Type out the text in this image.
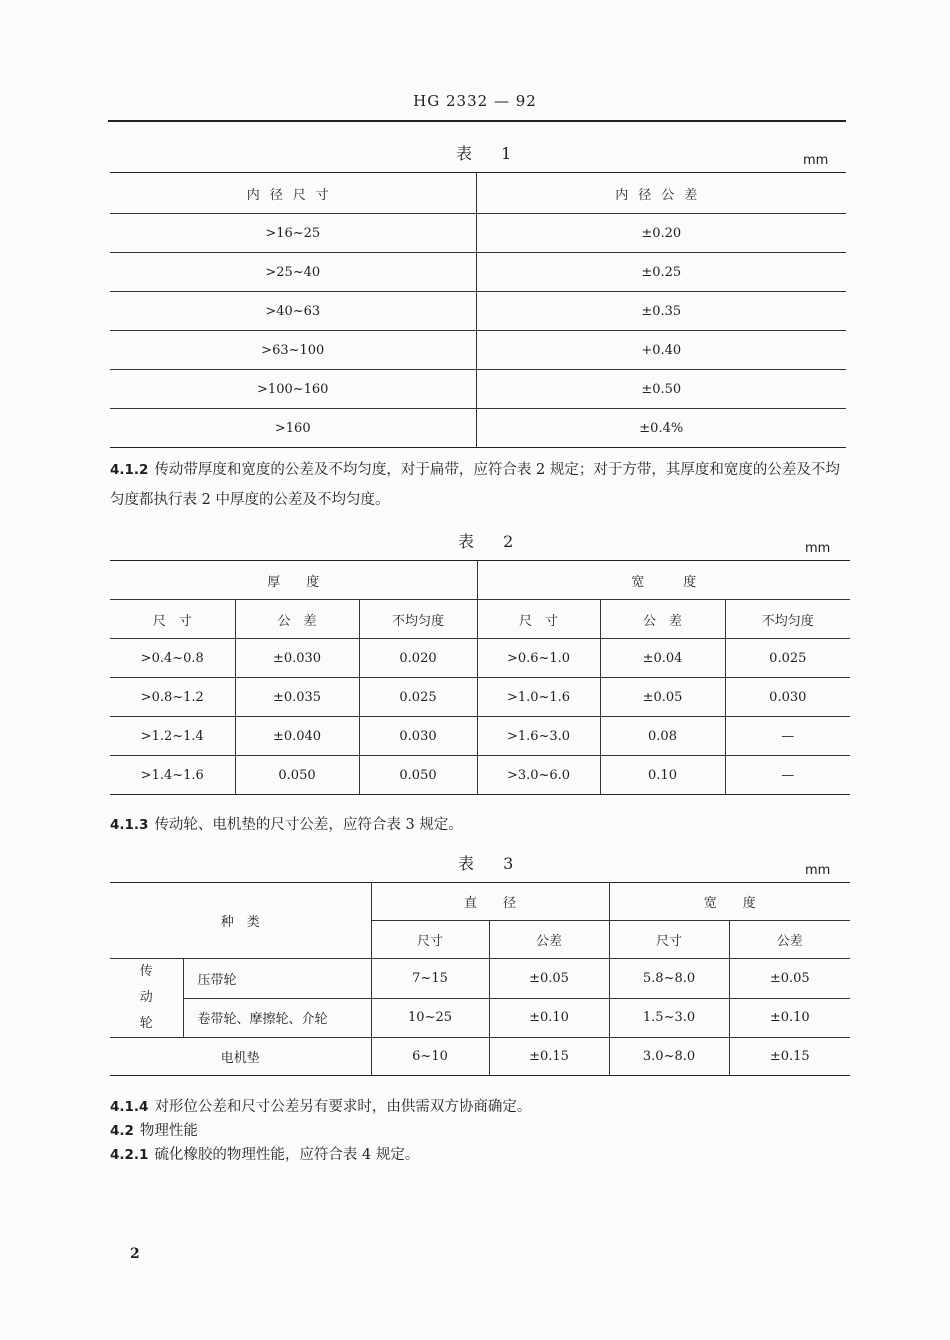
HG 2332 — 92
表 1	mm
内径尺寸	内径公差
>16~25	±0.20
>25~40	±0.25
>40~63	±0.35
>63~100	+0.40
>100~160	±0.50
>160	±0.4%
4.1.2 传动带厚度和宽度的公差及不均匀度，对于扁带，应符合表 2 规定；对于方带，其厚度和宽度的公差及不均匀度都执行表 2 中厚度的公差及不均匀度。
表 2	mm
厚　　度			宽　　　度		
尺　寸	公　差	不均匀度	尺　寸	公　差	不均匀度
>0.4~0.8	±0.030	0.020	>0.6~1.0	±0.04	0.025
>0.8~1.2	±0.035	0.025	>1.0~1.6	±0.05	0.030
>1.2~1.4	±0.040	0.030	>1.6~3.0	0.08	—
>1.4~1.6	0.050	0.050	>3.0~6.0	0.10	—
4.1.3 传动轮、电机垫的尺寸公差，应符合表 3 规定。
表 3	mm
种　类		直　　径		宽　　度	
		尺寸	公差	尺寸	公差
传动轮	压带轮	7~15	±0.05	5.8~8.0	±0.05
	卷带轮、摩擦轮、介轮	10~25	±0.10	1.5~3.0	±0.10
电机垫		6~10	±0.15	3.0~8.0	±0.15
4.1.4 对形位公差和尺寸公差另有要求时，由供需双方协商确定。
4.2 物理性能
4.2.1 硫化橡胶的物理性能，应符合表 4 规定。
2
